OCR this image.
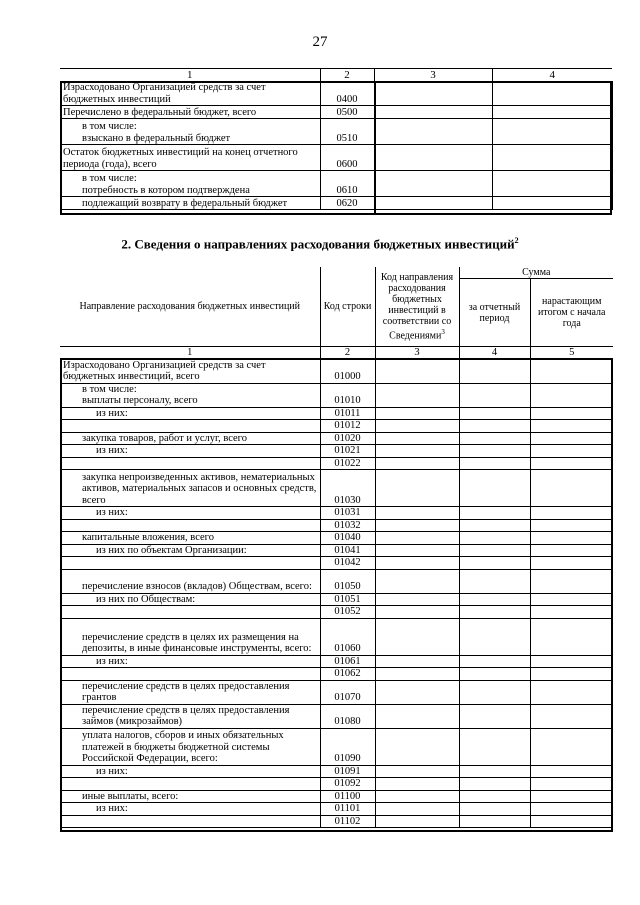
27
1	2	3	4
Израсходовано Организацией средств за счет бюджетных инвестиций	0400		
Перечислено в федеральный бюджет, всего	0500		
в том числе:
взыскано в федеральный бюджет	0510		
Остаток бюджетных инвестиций на конец отчетного периода (года), всего	0600		
в том числе:
потребность в котором подтверждена	0610		
подлежащий возврату в федеральный бюджет	0620		
2. Сведения о направлениях расходования бюджетных инвестиций$^2$
Направление расходования бюджетных инвестиций	Код строки	Код направления расходования бюджетных инвестиций в соответствии со Сведениями$^3$	Сумма	
			за отчетный период	нарастающим итогом с начала года
1	2	3	4	5
Израсходовано Организацией средств за счет бюджетных инвестиций, всего	01000			
в том числе:
выплаты персоналу, всего	01010			
из них:	01011			
	01012			
закупка товаров, работ и услуг, всего	01020			
из них:	01021			
	01022			
закупка непроизведенных активов, нематериальных активов, материальных запасов и основных средств, всего	01030			
из них:	01031			
	01032			
капитальные вложения, всего	01040			
из них по объектам Организации:	01041			
	01042			
перечисление взносов (вкладов) Обществам, всего:	01050			
из них по Обществам:	01051			
	01052			
перечисление средств в целях их размещения на депозиты, в иные финансовые инструменты, всего:	01060			
из них:	01061			
	01062			
перечисление средств в целях предоставления грантов	01070			
перечисление средств в целях предоставления займов (микрозаймов)	01080			
уплата налогов, сборов и иных обязательных платежей в бюджеты бюджетной системы Российской Федерации, всего:	01090			
из них:	01091			
	01092			
иные выплаты, всего:	01100			
из них:	01101			
	01102			
